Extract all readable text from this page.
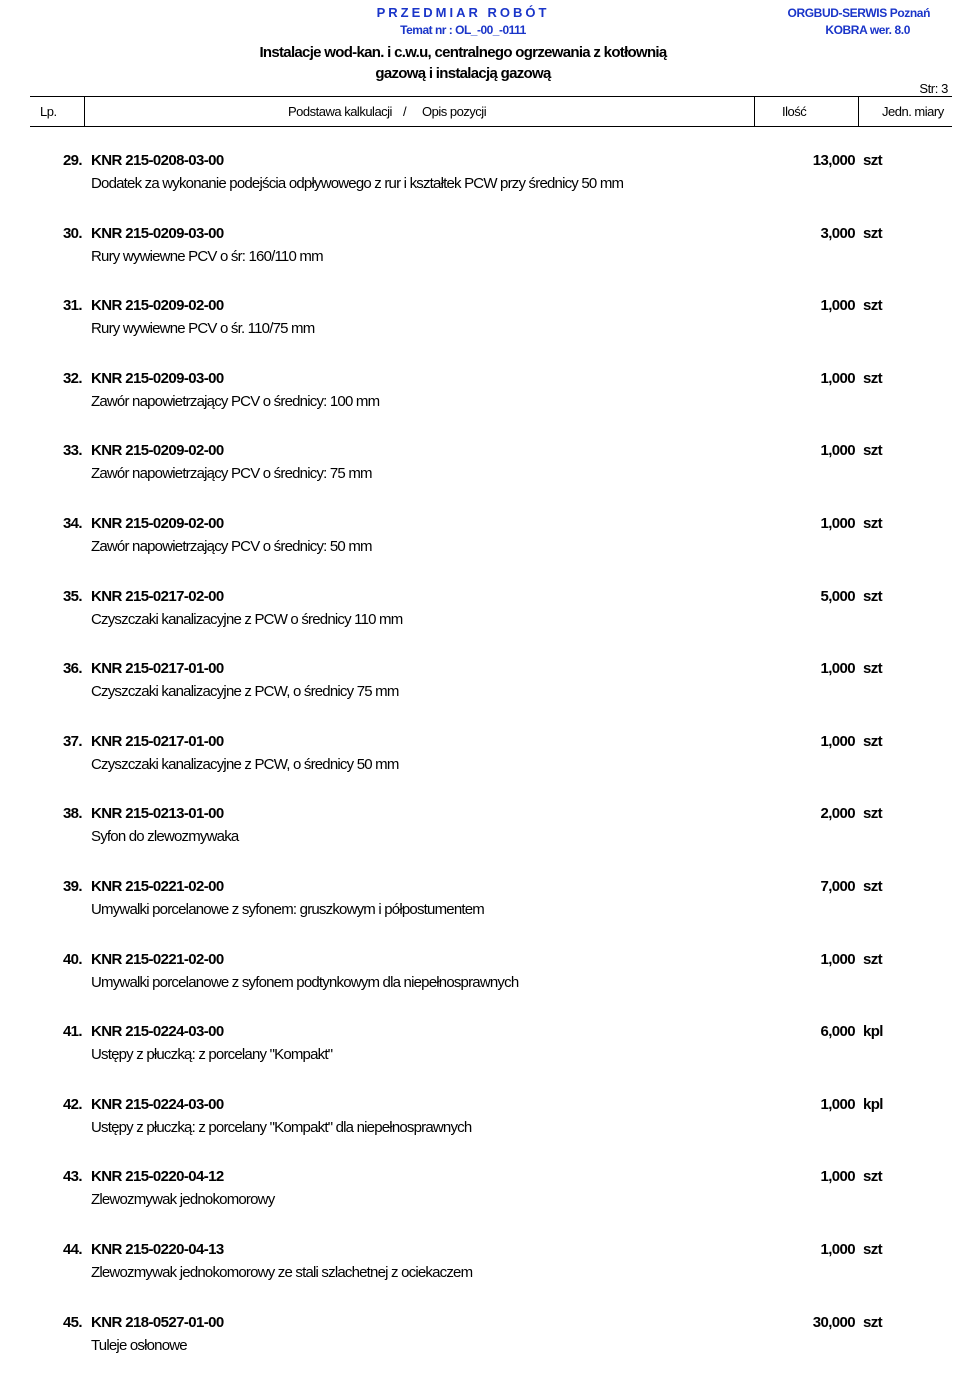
PRZEDMIAR ROBÓT	ORGBUD-SERWIS Poznań
Temat nr : OL_-00_-0111	KOBRA wer. 8.0
Instalacje wod-kan. i c.w.u, centralnego ogrzewania z kotłownią
gazową i instalacją gazową
Str: 3
Lp.	Podstawa kalkulacji / Opis pozycji	Ilość	Jedn. miary
29. KNR 215-0208-03-00	13,000 szt
Dodatek za wykonanie podejścia odpływowego z rur i kształtek PCW przy średnicy 50 mm
30. KNR 215-0209-03-00	3,000 szt
Rury wywiewne PCV o śr: 160/110 mm
31. KNR 215-0209-02-00	1,000 szt
Rury wywiewne PCV o śr. 110/75 mm
32. KNR 215-0209-03-00	1,000 szt
Zawór napowietrzający PCV o średnicy: 100 mm
33. KNR 215-0209-02-00	1,000 szt
Zawór napowietrzający PCV o średnicy: 75 mm
34. KNR 215-0209-02-00	1,000 szt
Zawór napowietrzający PCV o średnicy: 50 mm
35. KNR 215-0217-02-00	5,000 szt
Czyszczaki kanalizacyjne z PCW o średnicy 110 mm
36. KNR 215-0217-01-00	1,000 szt
Czyszczaki kanalizacyjne z PCW, o średnicy 75 mm
37. KNR 215-0217-01-00	1,000 szt
Czyszczaki kanalizacyjne z PCW, o średnicy 50 mm
38. KNR 215-0213-01-00	2,000 szt
Syfon do zlewozmywaka
39. KNR 215-0221-02-00	7,000 szt
Umywalki porcelanowe z syfonem: gruszkowym i półpostumentem
40. KNR 215-0221-02-00	1,000 szt
Umywalki porcelanowe z syfonem podtynkowym dla niepełnosprawnych
41. KNR 215-0224-03-00	6,000 kpl
Ustępy z płuczką: z porcelany "Kompakt"
42. KNR 215-0224-03-00	1,000 kpl
Ustępy z płuczką: z porcelany "Kompakt" dla niepełnosprawnych
43. KNR 215-0220-04-12	1,000 szt
Zlewozmywak jednokomorowy
44. KNR 215-0220-04-13	1,000 szt
Zlewozmywak jednokomorowy ze stali szlachetnej z ociekaczem
45. KNR 218-0527-01-00	30,000 szt
Tuleje osłonowe
